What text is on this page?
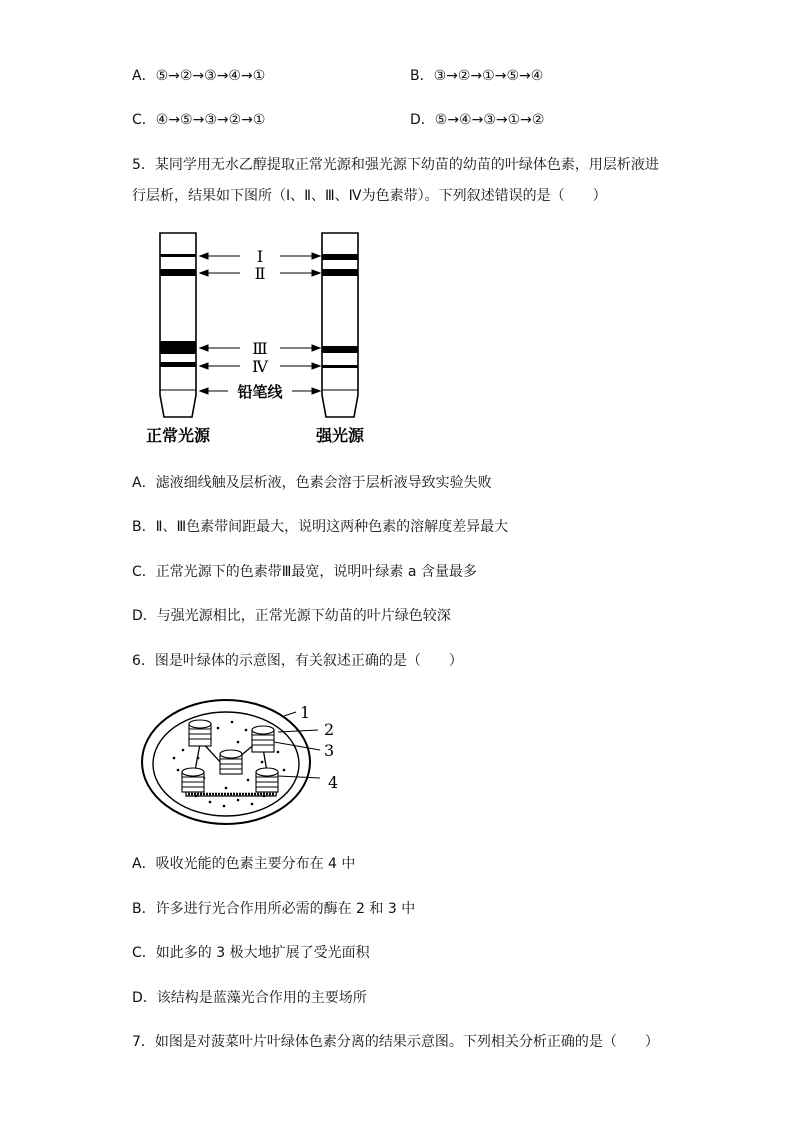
A．⑤→②→③→④→①	B．③→②→①→⑤→④
C．④→⑤→③→②→①	D．⑤→④→③→①→②
5．某同学用无水乙醇提取正常光源和强光源下幼苗的幼苗的叶绿体色素，用层析液进
行层析，结果如下图所（Ⅰ、Ⅱ、Ⅲ、Ⅳ为色素带）。下列叙述错误的是（　　）
Ⅰ
Ⅱ
Ⅲ
Ⅳ
铅笔线
正常光源	强光源
A．滤液细线触及层析液，色素会溶于层析液导致实验失败
B．Ⅱ、Ⅲ色素带间距最大，说明这两种色素的溶解度差异最大
C．正常光源下的色素带Ⅲ最宽，说明叶绿素 a 含量最多
D．与强光源相比，正常光源下幼苗的叶片绿色较深
6．图是叶绿体的示意图，有关叙述正确的是（　　）
1
2
3
4
A．吸收光能的色素主要分布在 4 中
B．许多进行光合作用所必需的酶在 2 和 3 中
C．如此多的 3 极大地扩展了受光面积
D．该结构是蓝藻光合作用的主要场所
7．如图是对菠菜叶片叶绿体色素分离的结果示意图。下列相关分析正确的是（　　）
